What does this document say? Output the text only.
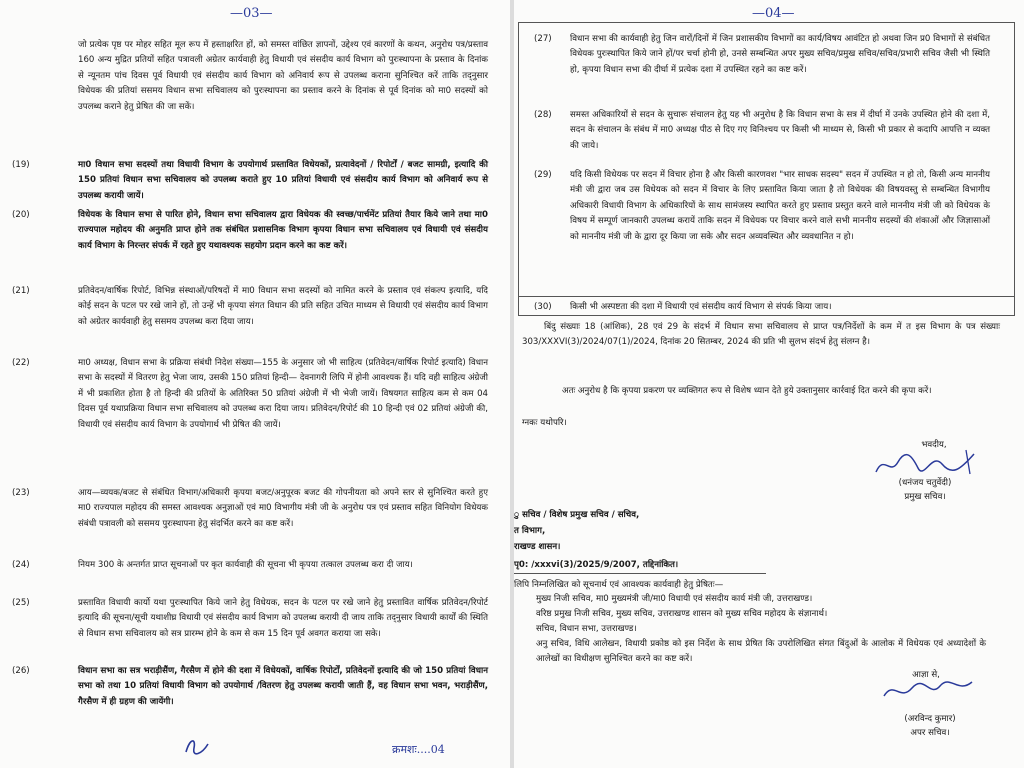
—03—

जो प्रत्येक पृष्ठ पर मोहर सहित मूल रूप में हस्ताक्षरित हों, को समस्त वांछित ज्ञापनों, उद्देश्य एवं कारणों के कथन, अनुरोध पत्र/प्रस्ताव 160 अन्य मुद्रित प्रतियों सहित पत्रावली अग्रेतर कार्यवाही हेतु विधायी एवं संसदीय कार्य विभाग को पुरःस्थापना के प्रस्ताव के दिनांक से न्यूनतम पांच दिवस पूर्व विधायी एवं संसदीय कार्य विभाग को अनिवार्य रूप से उपलब्ध कराना सुनिश्चित करें ताकि तद्नुसार विधेयक की प्रतियां ससमय विधान सभा सचिवालय को पुरःस्थापना का प्रस्ताव करने के दिनांक से पूर्व दिनांक को मा0 सदस्यों को उपलब्ध कराने हेतु प्रेषित की जा सकें।

(19)	मा0 विधान सभा सदस्यों तथा विधायी विभाग के उपयोगार्थ प्रस्तावित विधेयकों, प्रत्यावेदनों / रिपोर्टों / बजट सामग्री, इत्यादि की 150 प्रतियां विधान सभा सचिवालय को उपलब्ध कराते हुए 10 प्रतियां विधायी एवं संसदीय कार्य विभाग को अनिवार्य रूप से उपलब्ध करायी जायें।

(20)	विधेयक के विधान सभा से पारित होने, विधान सभा सचिवालय द्वारा विधेयक की स्वच्छ/पार्चमेंट प्रतियां तैयार किये जाने तथा मा0 राज्यपाल महोदय की अनुमति प्राप्त होने तक संबंधित प्रशासनिक विभाग कृपया विधान सभा सचिवालय एवं विधायी एवं संसदीय कार्य विभाग के निरन्तर संपर्क में रहते हुए यथावश्यक सहयोग प्रदान करने का कष्ट करें।

(21)	प्रतिवेदन/वार्षिक रिपोर्ट, विभिन्न संस्थाओं/परिषदों में मा0 विधान सभा सदस्यों को नामित करने के प्रस्ताव एवं संकल्प इत्यादि, यदि कोई सदन के पटल पर रखे जाने हों, तो उन्हें भी कृपया संगत विधान की प्रति सहित उचित माध्यम से विधायी एवं संसदीय कार्य विभाग को अग्रेतर कार्यवाही हेतु ससमय उपलब्ध करा दिया जाय।

(22)	मा0 अध्यक्ष, विधान सभा के प्रक्रिया संबंधी निदेश संख्या—155 के अनुसार जो भी साहित्य (प्रतिवेदन/वार्षिक रिपोर्ट इत्यादि) विधान सभा के सदस्यों में वितरण हेतु भेजा जाय, उसकी 150 प्रतियां हिन्दी— देवनागरी लिपि में होनी आवश्यक हैं। यदि वही साहित्य अंग्रेजी में भी प्रकाशित होता है तो हिन्दी की प्रतियों के अतिरिक्त 50 प्रतियां अंग्रेजी में भी भेजी जायें। विषयगत साहित्य कम से कम 04 दिवस पूर्व यथाप्रक्रिया विधान सभा सचिवालय को उपलब्ध करा दिया जाय। प्रतिवेदन/रिपोर्ट की 10 हिन्दी एवं 02 प्रतियां अंग्रेजी की, विधायी एवं संसदीय कार्य विभाग के उपयोगार्थ भी प्रेषित की जायें।

(23)	आय—व्ययक/बजट से संबंधित विभाग/अधिकारी कृपया बजट/अनुपूरक बजट की गोपनीयता को अपने स्तर से सुनिश्चित करते हुए मा0 राज्यपाल महोदय की समस्त आवश्यक अनुज्ञाओं एवं मा0 विभागीय मंत्री जी के अनुरोध पत्र एवं प्रस्ताव सहित विनियोग विधेयक संबंधी पत्रावली को ससमय पुरःस्थापना हेतु संदर्भित करने का कष्ट करें।

(24)	नियम 300 के अन्तर्गत प्राप्त सूचनाओं पर कृत कार्यवाही की सूचना भी कृपया तत्काल उपलब्ध करा दी जाय।

(25)	प्रस्तावित विधायी कार्यो यथा पुरःस्थापित किये जाने हेतु विधेयक, सदन के पटल पर रखे जाने हेतु प्रस्तावित वार्षिक प्रतिवेदन/रिपोर्ट इत्यादि की सूचना/सूची यथाशीघ्र विधायी एवं संसदीय कार्य विभाग को उपलब्ध करायी दी जाय ताकि तद्नुसार विधायी कार्यों की स्थिति से विधान सभा सचिवालय को सत्र प्रारम्भ होने के कम से कम 15 दिन पूर्व अवगत कराया जा सके।

(26)	विधान सभा का सत्र भराड़ीसैंण, गैरसैण में होने की दशा में विधेयकों, वार्षिक रिपोर्टों, प्रतिवेदनों इत्यादि की जो 150 प्रतियां विधान सभा को तथा 10 प्रतियां विधायी विभाग को उपयोगार्थ /वितरण हेतु उपलब्ध करायी जाती हैं, वह विधान सभा भवन, भराड़ीसैंण, गैरसैण में ही ग्रहण की जायेंगी।

क्रमशः....04
—04—
(27) विधान सभा की कार्यवाही हेतु जिन वारों/दिनों में जिन प्रशासकीय विभागों का कार्य/विषय आवंटित हो अथवा जिन प्र0 विभागों से संबंधित विधेयक पुरःस्थापित किये जाने हों/पर चर्चा होनी हो, उनसे सम्बन्धित अपर मुख्य सचिव/प्रमुख सचिव/सचिव/प्रभारी सचिव जैसी भी स्थिति हो, कृपया विधान सभा की दीर्घा में प्रत्येक दशा में उपस्थित रहने का कष्ट करें।

(28) समस्त अधिकारियों से सदन के सुचारू संचालन हेतु यह भी अनुरोध है कि विधान सभा के सत्र में दीर्घा में उनके उपस्थित होने की दशा में, सदन के संचालन के संबंध में मा0 अध्यक्ष पीठ से दिए गए विनिश्चय पर किसी भी माध्यम से, किसी भी प्रकार से कदापि आपत्ति न व्यक्त की जाये।

(29) यदि किसी विधेयक पर सदन में विचार होना है और किसी कारणवश "भार साधक सदस्य" सदन में उपस्थित न हो तो, किसी अन्य माननीय मंत्री जी द्वारा जब उस विधेयक को सदन में विचार के लिए प्रस्तावित किया जाता है तो विधेयक की विषयवस्तु से सम्बन्धित विभागीय अधिकारी विधायी विभाग के अधिकारियों के साथ सामंजस्य स्थापित करते हुए प्रस्ताव प्रस्तुत करने वाले माननीय मंत्री जी को विधेयक के विषय में सम्पूर्ण जानकारी उपलब्ध करायें ताकि सदन में विधेयक पर विचार करने वाले सभी माननीय सदस्यों की शंकाओं और जिज्ञासाओं को माननीय मंत्री जी के द्वारा दूर किया जा सके और सदन अव्यवस्थित और व्यवधानित न हो।

(30) किसी भी अस्पष्टता की दशा में विधायी एवं संसदीय कार्य विभाग से संपर्क किया जाय।

बिंदु संख्याः 18 (आंशिक), 28 एवं 29 के संदर्भ में विधान सभा सचिवालय से प्राप्त पत्र/निर्देशों के कम में त इस विभाग के पत्र संख्याः 303/XXXVI(3)/2024/07(1)/2024, दिनांक 20 सितम्बर, 2024 की प्रति भी सुलभ संदर्भ हेतु संलग्न है।

अतः अनुरोध है कि कृपया प्रकरण पर व्यक्तिगत रूप से विशेष ध्यान देते हुये उक्तानुसार कार्रवाई दित करने की कृपा करें।

ग्नकः यथोपरि।
भवदीय,
(धनंजय चतुर्वेदी)
प्रमुख सचिव।
ु सचिव / विशेष प्रमुख सचिव / सचिव,
त विभाग,
राखण्ड शासन।
पृ0: /xxxvi(3)/2025/9/2007, तद्दिनांकित।
लिपि निम्नलिखित को सूचनार्थ एवं आवश्यक कार्यवाही हेतु प्रेषितः—
मुख्य निजी सचिव, मा0 मुख्यमंत्री जी/मा0 विधायी एवं संसदीय कार्य मंत्री जी, उत्तराखण्ड।
वरिष्ठ प्रमुख निजी सचिव, मुख्य सचिव, उत्तराखण्ड शासन को मुख्य सचिव महोदय के संज्ञानार्थ।
सचिव, विधान सभा, उत्तराखण्ड।

अनु सचिव, विधि आलेखन, विधायी प्रकोष्ठ को इस निर्देश के साथ प्रेषित कि उपरोलिखित संगत बिंदुओं के आलोक में विधेयक एवं अध्यादेशों के आलेखों का विधीक्षण सुनिश्चित करने का कष्ट करें।

आज्ञा से,
(अरविन्द कुमार)
अपर सचिव।
